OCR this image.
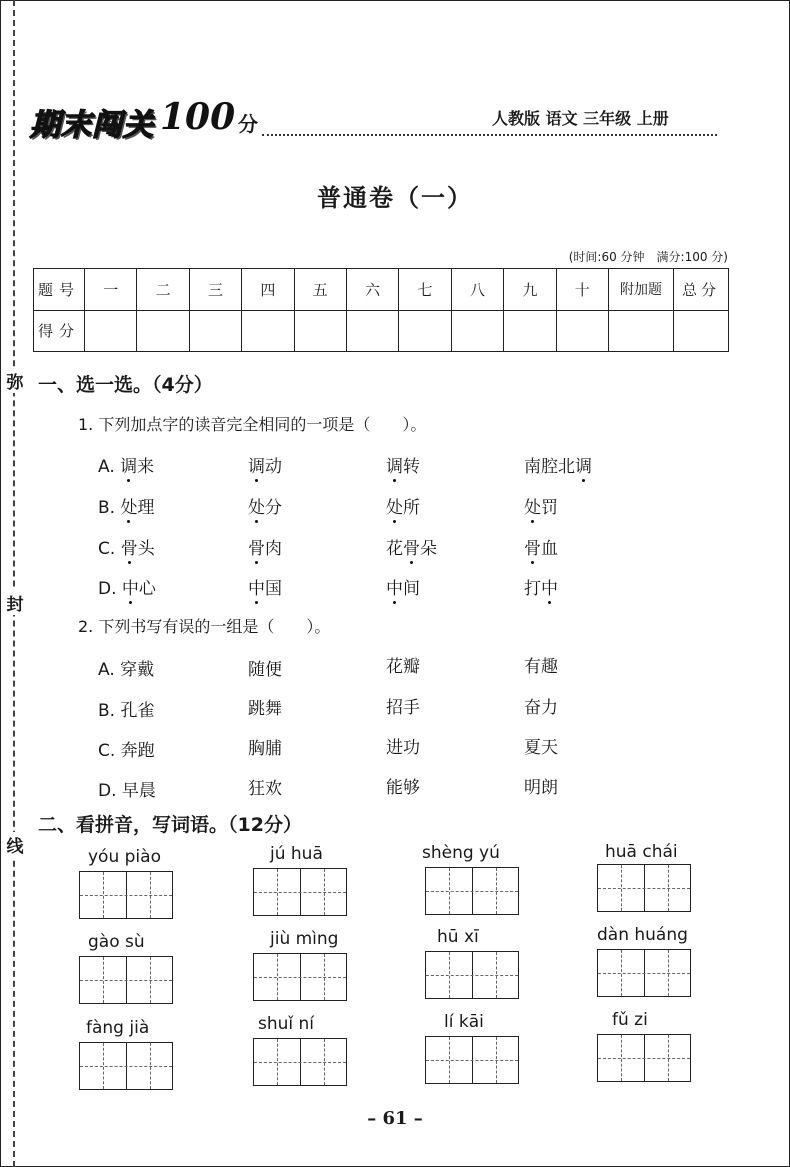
弥
封
线
期末闯关 100 分	人教版 语文 三年级 上册
普通卷（一）
(时间:60 分钟　满分:100 分)
题号	一	二	三	四	五	六	七	八	九	十	附加题	总分
得分												
一、选一选。（4分）
1. 下列加点字的读音完全相同的一项是（　　）。
A. 调来	调动	调转	南腔北调
B. 处理	处分	处所	处罚
C. 骨头	骨肉	花骨朵	骨血
D. 中心	中国	中间	打中
2. 下列书写有误的一组是（　　）。
A. 穿戴	随便	花瓣	有趣
B. 孔雀	跳舞	招手	奋力
C. 奔跑	胸脯	进功	夏天
D. 早晨	狂欢	能够	明朗
二、看拼音，写词语。（12分）
yóu piào	jú huā	shèng yú	huā chái
gào sù	jiù mìng	hū xī	dàn huáng
fàng jià	shuǐ ní	lí kāi	fǔ zi
– 61 –
